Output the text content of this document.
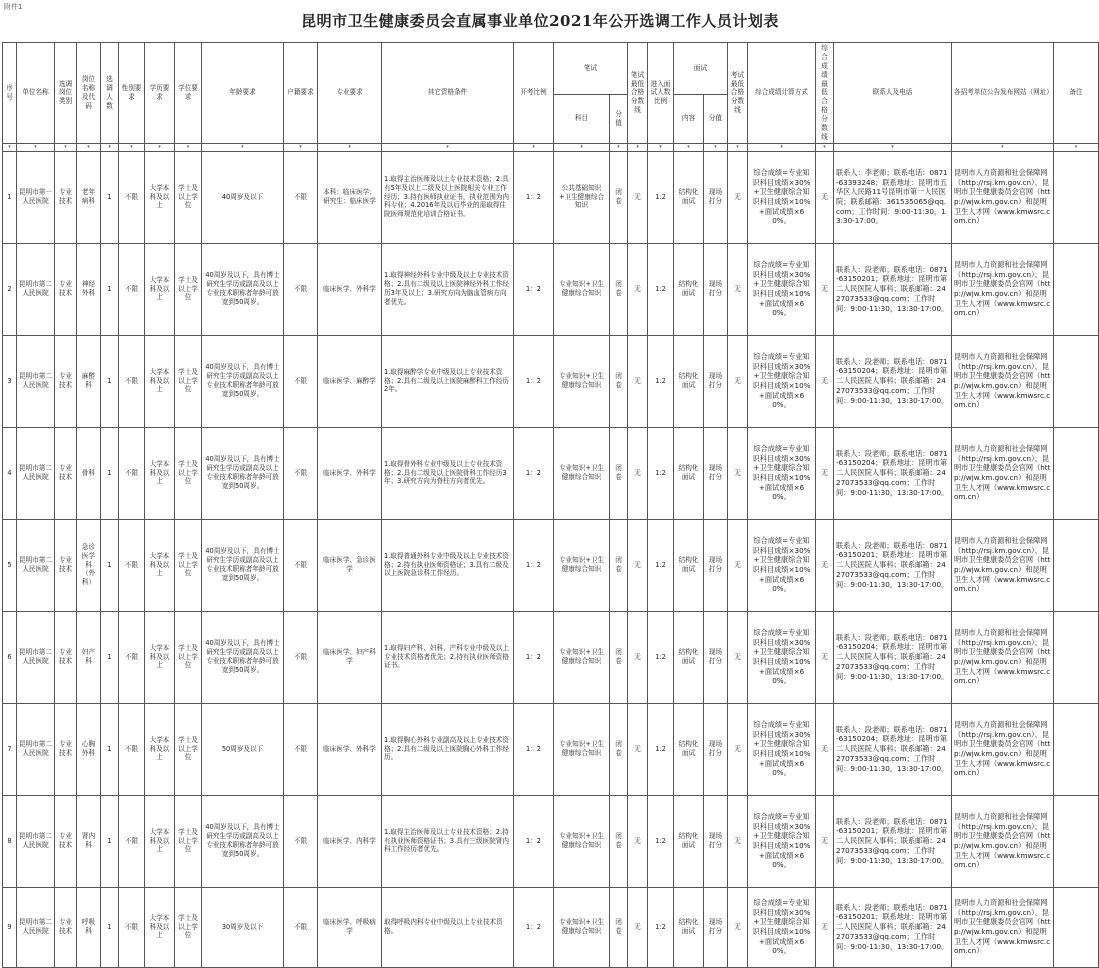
附件1
昆明市卫生健康委员会直属事业单位2021年公开选调工作人员计划表
序号	单位名称	选调岗位类别	岗位名称及代码	选调人数	性别要求	学历要求	学位要求	年龄要求	户籍要求	专业要求	其它资格条件	开考比例	笔试		笔试最低合格分数线	进入面试人数比例	面试		考试最低合格分数线	综合成绩计算方式	综合成绩最低合格分数线	联系人及电话	各招考单位公告发布网站（网址）	备注
													科目	分值			内容	分值						
▾	▾	▾	▾	▾	▾	▾	▾	▾	▾	▾	▾	▾	▾	▾	▾	▾	▾	▾	▾	▾	▾	▾	▾	▾
1	昆明市第一人民医院	专业技术	老年病科	1	不限	大学本科及以上	学士及以上学位	40周岁及以下	不限	本科：临床医学；研究生：临床医学	1.取得主治医师及以上专业技术资格；2.具有5年及以上二级及以上医院相关专业工作经历；3.持有医师执业证书，执业范围为内科专业；4.2016年及以后毕业的需取得住院医师规范化培训合格证书。	1：2	公共基础知识+卫生健康综合知识	闭卷	无	1:2	结构化面试	现场打分	无	综合成绩=专业知识科目成绩×30%+卫生健康综合知识科目成绩×10%+面试成绩×60%。	无	联系人：李老师；联系电话：0871-63393248；联系地址：昆明市五华区人民路11号昆明市第一人民医院；联系邮箱：361535065@qq.com；工作时间：9:00-11:30，13:30-17:00。	昆明市人力资源和社会保障网（http://rsj.km.gov.cn）、昆明市卫生健康委员会官网（http://wjw.km.gov.cn）和昆明卫生人才网（www.kmwsrc.com.cn）	
2	昆明市第二人民医院	专业技术	神经外科	1	不限	大学本科及以上	学士及以上学位	40周岁及以下，具有博士研究生学历或副高及以上专业技术职称者年龄可放宽到50周岁。	不限	临床医学、外科学	1.取得神经外科专业中级及以上专业技术资格；2.具有二级及以上医院神经外科工作经历3年及以上；3.研究方向为脑血管病方向者优先。	1：2	专业知识+卫生健康综合知识	闭卷	无	1:2	结构化面试	现场打分	无	综合成绩=专业知识科目成绩×30%+卫生健康综合知识科目成绩×10%+面试成绩×60%。	无	联系人：段老师；联系电话：0871-63150201；联系地址：昆明市第二人民医院人事科；联系邮箱：2427073533@qq.com；工作时间：9:00-11:30，13:30-17:00。	昆明市人力资源和社会保障网（http://rsj.km.gov.cn）、昆明市卫生健康委员会官网（http://wjw.km.gov.cn）和昆明卫生人才网（www.kmwsrc.com.cn）	
3	昆明市第二人民医院	专业技术	麻醉科	1	不限	大学本科及以上	学士及以上学位	40周岁及以下，具有博士研究生学历或副高及以上专业技术职称者年龄可放宽到50周岁。	不限	临床医学、麻醉学	1.取得麻醉学专业中级及以上专业技术资格；2.具有二级及以上医院麻醉科工作经历2年。	1：2	专业知识+卫生健康综合知识	闭卷	无	1:2	结构化面试	现场打分	无	综合成绩=专业知识科目成绩×30%+卫生健康综合知识科目成绩×10%+面试成绩×60%。	无	联系人：段老师；联系电话：0871-63150204；联系地址：昆明市第二人民医院人事科；联系邮箱：2427073533@qq.com；工作时间：9:00-11:30，13:30-17:00。	昆明市人力资源和社会保障网（http://rsj.km.gov.cn）、昆明市卫生健康委员会官网（http://wjw.km.gov.cn）和昆明卫生人才网（www.kmwsrc.com.cn）	
4	昆明市第二人民医院	专业技术	骨科	1	不限	大学本科及以上	学士及以上学位	40周岁及以下，具有博士研究生学历或副高及以上专业技术职称者年龄可放宽到50周岁。	不限	临床医学、外科学	1.取得骨外科专业中级及以上专业技术资格；2.具有二级及以上医院骨科工作经历3年；3.研究方向为脊柱方向者优先。	1：2	专业知识+卫生健康综合知识	闭卷	无	1:2	结构化面试	现场打分	无	综合成绩=专业知识科目成绩×30%+卫生健康综合知识科目成绩×10%+面试成绩×60%。	无	联系人：段老师；联系电话：0871-63150204；联系地址：昆明市第二人民医院人事科；联系邮箱：2427073533@qq.com；工作时间：9:00-11:30，13:30-17:00。	昆明市人力资源和社会保障网（http://rsj.km.gov.cn）、昆明市卫生健康委员会官网（http://wjw.km.gov.cn）和昆明卫生人才网（www.kmwsrc.com.cn）	
5	昆明市第二人民医院	专业技术	急诊医学科（外科）	1	不限	大学本科及以上	学士及以上学位	40周岁及以下，具有博士研究生学历或副高及以上专业技术职称者年龄可放宽到50周岁。	不限	临床医学、急诊医学	1.取得普通外科专业中级及以上专业技术资格；2.持有执业医师资格证；3.具有二级及以上医院急诊科工作经历。	1：2	专业知识+卫生健康综合知识	闭卷	无	1:2	结构化面试	现场打分	无	综合成绩=专业知识科目成绩×30%+卫生健康综合知识科目成绩×10%+面试成绩×60%。	无	联系人：段老师；联系电话：0871-63150201；联系地址：昆明市第二人民医院人事科；联系邮箱：2427073533@qq.com；工作时间：9:00-11:30，13:30-17:00。	昆明市人力资源和社会保障网（http://rsj.km.gov.cn）、昆明市卫生健康委员会官网（http://wjw.km.gov.cn）和昆明卫生人才网（www.kmwsrc.com.cn）	
6	昆明市第二人民医院	专业技术	妇产科	1	不限	大学本科及以上	学士及以上学位	40周岁及以下，具有博士研究生学历或副高及以上专业技术职称者年龄可放宽到50周岁。	不限	临床医学、妇产科学	1.取得妇产科、妇科、产科专业中级及以上专业技术资格者优先；2.持有执业医师资格证书。	1：2	专业知识+卫生健康综合知识	闭卷	无	1:2	结构化面试	现场打分	无	综合成绩=专业知识科目成绩×30%+卫生健康综合知识科目成绩×10%+面试成绩×60%。	无	联系人：段老师；联系电话：0871-63150204；联系地址：昆明市第二人民医院人事科；联系邮箱：2427073533@qq.com；工作时间：9:00-11:30，13:30-17:00。	昆明市人力资源和社会保障网（http://rsj.km.gov.cn）、昆明市卫生健康委员会官网（http://wjw.km.gov.cn）和昆明卫生人才网（www.kmwsrc.com.cn）	
7	昆明市第二人民医院	专业技术	心胸外科	1	不限	大学本科及以上	学士及以上学位	50周岁及以下	不限	临床医学、外科学	1.取得胸心外科专业副高及以上专业技术资格；2.具有二级及以上医院胸心外科工作经历。	1：2	专业知识+卫生健康综合知识	闭卷	无	1:2	结构化面试	现场打分	无	综合成绩=专业知识科目成绩×30%+卫生健康综合知识科目成绩×10%+面试成绩×60%。	无	联系人：段老师；联系电话：0871-63150204；联系地址：昆明市第二人民医院人事科；联系邮箱：2427073533@qq.com；工作时间：9:00-11:30，13:30-17:00。	昆明市人力资源和社会保障网（http://rsj.km.gov.cn）、昆明市卫生健康委员会官网（http://wjw.km.gov.cn）和昆明卫生人才网（www.kmwsrc.com.cn）	
8	昆明市第二人民医院	专业技术	肾内科	1	不限	大学本科及以上	学士及以上学位	40周岁及以下，具有博士研究生学历或副高及以上专业技术职称者年龄可放宽到50周岁。	不限	临床医学、内科学	1.取得主治医师及以上专业技术资格；2.持有执业医师资格证书；3.具有三级医院肾内科工作经历者优先。	1：2	专业知识+卫生健康综合知识	闭卷	无	1:2	结构化面试	现场打分	无	综合成绩=专业知识科目成绩×30%+卫生健康综合知识科目成绩×10%+面试成绩×60%。	无	联系人：段老师；联系电话：0871-63150201；联系地址：昆明市第二人民医院人事科；联系邮箱：2427073533@qq.com；工作时间：9:00-11:30，13:30-17:00。	昆明市人力资源和社会保障网（http://rsj.km.gov.cn）、昆明市卫生健康委员会官网（http://wjw.km.gov.cn）和昆明卫生人才网（www.kmwsrc.com.cn）	
9	昆明市第二人民医院	专业技术	呼吸科	1	不限	大学本科及以上	学士及以上学位	30周岁及以下	不限	临床医学、呼吸病学	取得呼吸内科专业中级及以上专业技术资格。	1：2	专业知识+卫生健康综合知识	闭卷	无	1:2	结构化面试	现场打分	无	综合成绩=专业知识科目成绩×30%+卫生健康综合知识科目成绩×10%+面试成绩×60%。	无	联系人：段老师；联系电话：0871-63150201；联系地址：昆明市第二人民医院人事科；联系邮箱：2427073533@qq.com；工作时间：9:00-11:30，13:30-17:00。	昆明市人力资源和社会保障网（http://rsj.km.gov.cn）、昆明市卫生健康委员会官网（http://wjw.km.gov.cn）和昆明卫生人才网（www.kmwsrc.com.cn）	
